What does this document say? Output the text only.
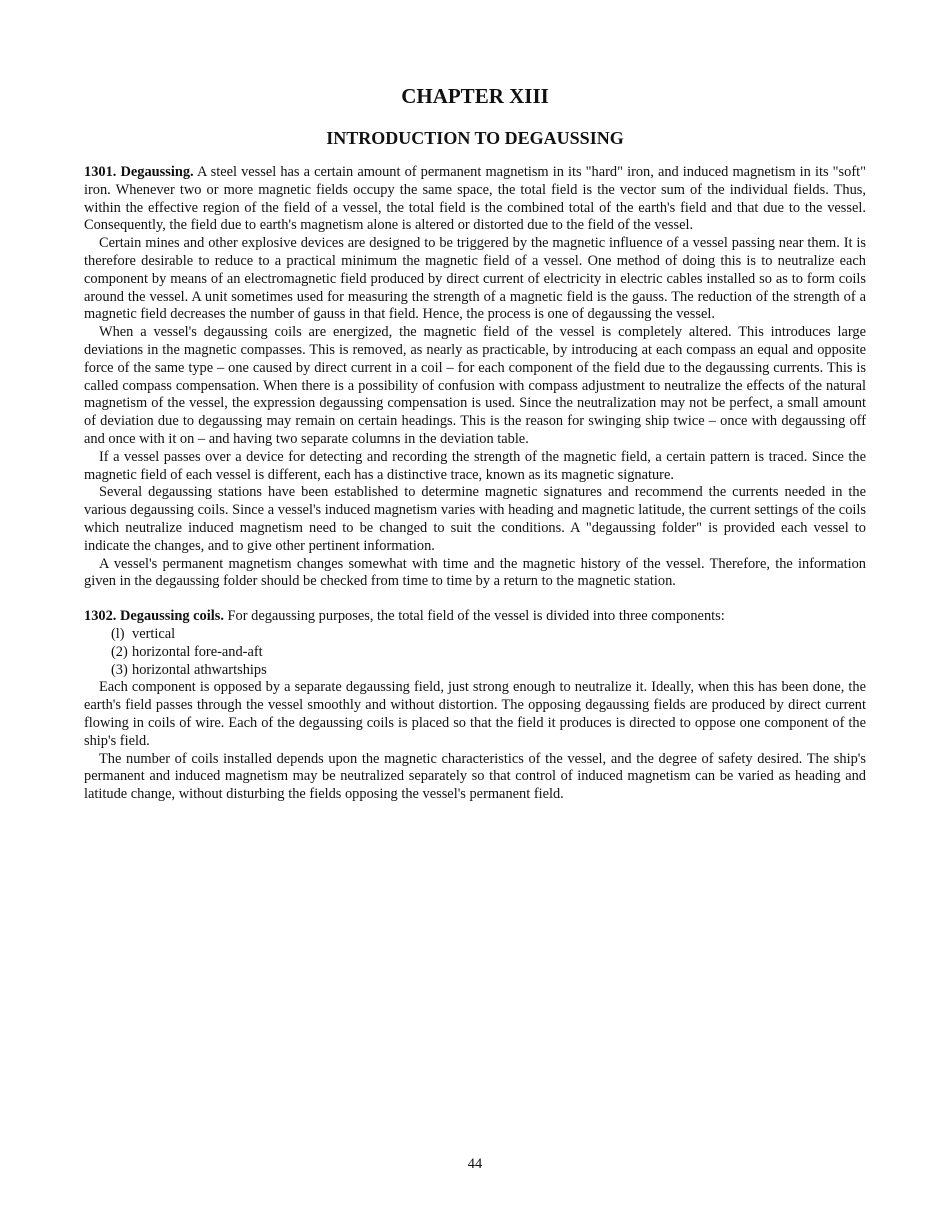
CHAPTER XIII
INTRODUCTION TO DEGAUSSING

1301. Degaussing. A steel vessel has a certain amount of permanent magnetism in its "hard" iron, and induced magnetism in its "soft" iron. Whenever two or more magnetic fields occupy the same space, the total field is the vector sum of the individual fields. Thus, within the effective region of the field of a vessel, the total field is the combined total of the earth's field and that due to the vessel. Consequently, the field due to earth's magnetism alone is altered or distorted due to the field of the vessel.

Certain mines and other explosive devices are designed to be triggered by the magnetic influence of a vessel passing near them. It is therefore desirable to reduce to a practical minimum the magnetic field of a vessel. One method of doing this is to neutralize each component by means of an electromagnetic field produced by direct current of electricity in electric cables installed so as to form coils around the vessel. A unit sometimes used for measuring the strength of a magnetic field is the gauss. The reduction of the strength of a magnetic field decreases the number of gauss in that field. Hence, the process is one of degaussing the vessel.

When a vessel's degaussing coils are energized, the magnetic field of the vessel is completely altered. This introduces large deviations in the magnetic compasses. This is removed, as nearly as practicable, by introducing at each compass an equal and opposite force of the same type – one caused by direct current in a coil – for each component of the field due to the degaussing currents. This is called compass compensation. When there is a possibility of confusion with compass adjustment to neutralize the effects of the natural magnetism of the vessel, the expression degaussing compensation is used. Since the neutralization may not be perfect, a small amount of deviation due to degaussing may remain on certain headings. This is the reason for swinging ship twice – once with degaussing off and once with it on – and having two separate columns in the deviation table.

If a vessel passes over a device for detecting and recording the strength of the magnetic field, a certain pattern is traced. Since the magnetic field of each vessel is different, each has a distinctive trace, known as its magnetic signature.

Several degaussing stations have been established to determine magnetic signatures and recommend the currents needed in the various degaussing coils. Since a vessel's induced magnetism varies with heading and magnetic latitude, the current settings of the coils which neutralize induced magnetism need to be changed to suit the conditions. A "degaussing folder" is provided each vessel to indicate the changes, and to give other pertinent information.

A vessel's permanent magnetism changes somewhat with time and the magnetic history of the vessel. Therefore, the information given in the degaussing folder should be checked from time to time by a return to the magnetic station.

1302. Degaussing coils. For degaussing purposes, the total field of the vessel is divided into three components:

(l) vertical
(2) horizontal fore-and-aft
(3) horizontal athwartships

Each component is opposed by a separate degaussing field, just strong enough to neutralize it. Ideally, when this has been done, the earth's field passes through the vessel smoothly and without distortion. The opposing degaussing fields are produced by direct current flowing in coils of wire. Each of the degaussing coils is placed so that the field it produces is directed to oppose one component of the ship's field.

The number of coils installed depends upon the magnetic characteristics of the vessel, and the degree of safety desired. The ship's permanent and induced magnetism may be neutralized separately so that control of induced magnetism can be varied as heading and latitude change, without disturbing the fields opposing the vessel's permanent field.

44
